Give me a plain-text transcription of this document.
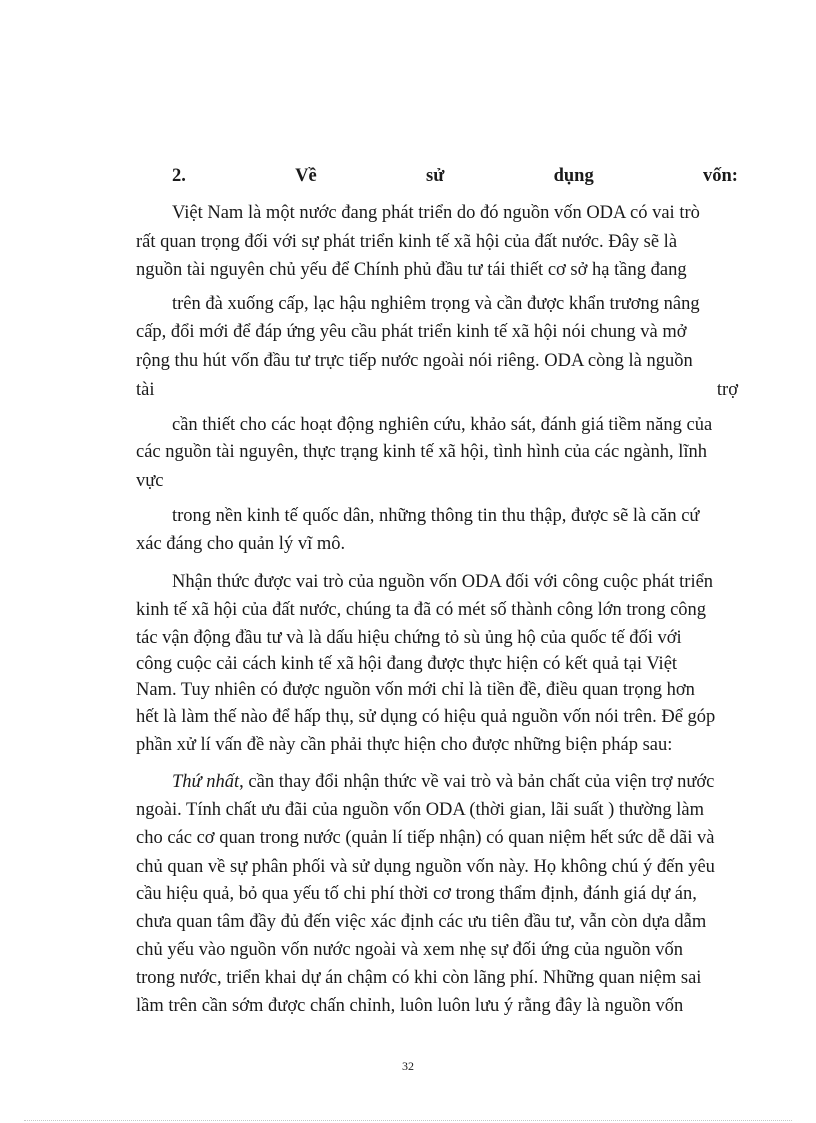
2.	Về	sử	dụng	vốn:
Việt Nam là một nước đang phát triển do đó nguồn vốn ODA có vai trò
rất quan trọng đối với sự phát triển kinh tế xã hội của đất nước. Đây sẽ là
nguồn tài nguyên chủ yếu để Chính phủ đầu tư tái thiết cơ sở hạ tầng đang
trên đà xuống cấp, lạc hậu nghiêm trọng và cần được khẩn trương nâng
cấp, đổi mới để đáp ứng yêu cầu phát triển kinh tế xã hội nói chung và mở
rộng thu hút vốn đầu tư trực tiếp nước ngoài nói riêng. ODA còng là nguồn
tài	trợ
cần thiết cho các hoạt động nghiên cứu, khảo sát, đánh giá tiềm năng của
các nguồn tài nguyên, thực trạng kinh tế xã hội, tình hình của các ngành, lĩnh
vực
trong nền kinh tế quốc dân, những thông tin thu thập, được sẽ là căn cứ
xác đáng cho quản lý vĩ mô.
Nhận thức được vai trò của nguồn vốn ODA đối với công cuộc phát triển
kinh tế xã hội của đất nước, chúng ta đã có mét số thành công lớn trong công
tác vận động đầu tư và là dấu hiệu chứng tỏ sù ủng hộ của quốc tế đối với
công cuộc cải cách kinh tế xã hội đang được thực hiện có kết quả tại Việt
Nam. Tuy nhiên có được nguồn vốn mới chỉ là tiền đề, điều quan trọng hơn
hết là làm thế nào để hấp thụ, sử dụng có hiệu quả nguồn vốn nói trên. Để góp
phần xử lí vấn đề này cần phải thực hiện cho được những biện pháp sau:
Thứ nhất, cần thay đổi nhận thức về vai trò và bản chất của viện trợ nước
ngoài. Tính chất ưu đãi của nguồn vốn ODA (thời gian, lãi suất ) thường làm
cho các cơ quan trong nước (quản lí tiếp nhận) có quan niệm hết sức dễ dãi và
chủ quan về sự phân phối và sử dụng nguồn vốn này. Họ không chú ý đến yêu
cầu hiệu quả, bỏ qua yếu tố chi phí thời cơ trong thẩm định, đánh giá dự án,
chưa quan tâm đầy đủ đến việc xác định các ưu tiên đầu tư, vẫn còn dựa dẫm
chủ yếu vào nguồn vốn nước ngoài và xem nhẹ sự đối ứng của nguồn vốn
trong nước, triển khai dự án chậm có khi còn lãng phí. Những quan niệm sai
lầm trên cần sớm được chấn chỉnh, luôn luôn lưu ý rằng đây là nguồn vốn
32
